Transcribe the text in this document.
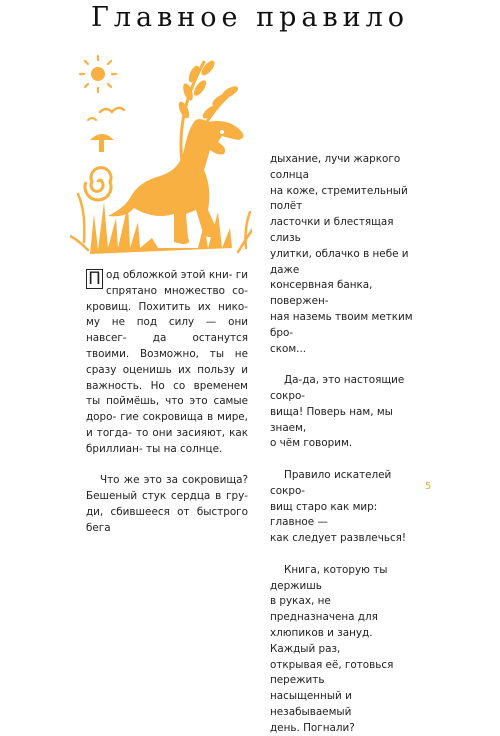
Главное правило

П од обложкой этой кни- ги спрятано множество со- кровищ. Похитить их нико- му не под силу — они навсег-	да останутся твоими. Возможно, ты не сразу оценишь их пользу и важность. Но со временем ты поймёшь, что это самые доро- гие сокровища в мире, и тогда- то они засияют, как бриллиан- ты на солнце.

Что же это за сокровища? Бешеный стук сердца в гру- ди, сбившееся от быстрого бега

дыхание, лучи жаркого солнца
на коже, стремительный полёт
ласточки и блестящая слизь
улитки, облачко в небе и даже
консервная банка, повержен-
ная наземь твоим метким бро-
ском...

Да-да, это настоящие сокро-
вища! Поверь нам, мы знаем,
о чём говорим.

Правило искателей сокро-
вищ старо как мир: главное —
как следует развлечься!

Книга, которую ты держишь
в руках, не предназначена для
хлюпиков и зануд. Каждый раз,
открывая её, готовься пережить
насыщенный и незабываемый
день. Погнали?

5
